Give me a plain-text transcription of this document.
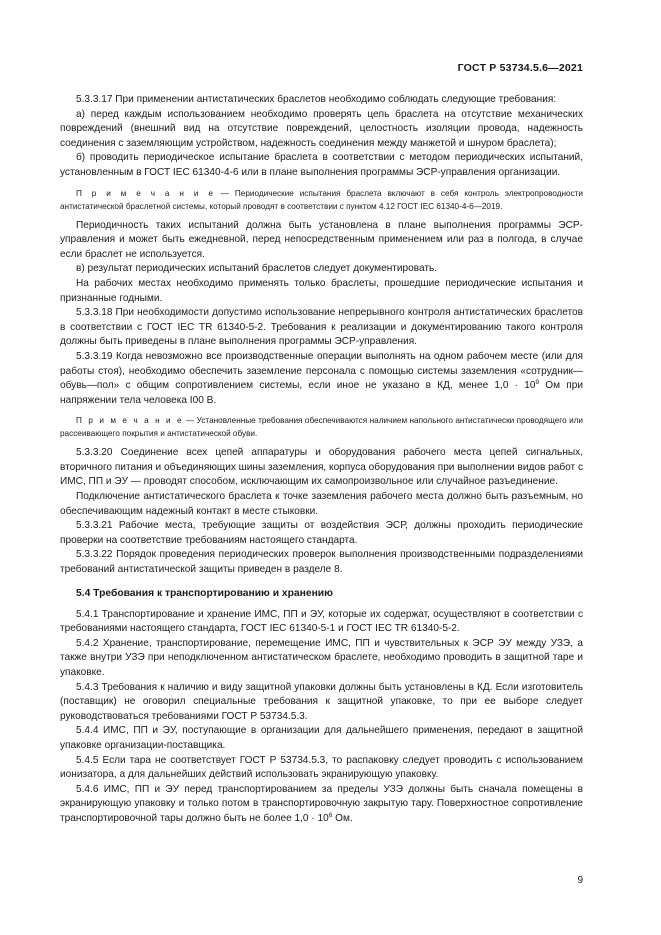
ГОСТ Р 53734.5.6—2021

5.3.3.17 При применении антистатических браслетов необходимо соблюдать следующие требования:

а) перед каждым использованием необходимо проверять цепь браслета на отсутствие механических повреждений (внешний вид на отсутствие повреждений, целостность изоляции провода, надежность соединения с заземляющим устройством, надежность соединения между манжетой и шнуром браслета);

б) проводить периодическое испытание браслета в соответствии с методом периодических испытаний, установленным в ГОСТ IEC 61340-4-6 или в плане выполнения программы ЭСР-управления организации.

П р и м е ч а н и е — Периодические испытания браслета включают в себя контроль электропроводности антистатической браслетной системы, который проводят в соответствии с пунктом 4.12 ГОСТ IEC 61340-4-6—2019.

Периодичность таких испытаний должна быть установлена в плане выполнения программы ЭСР-управления и может быть ежедневной, перед непосредственным применением или раз в полгода, в случае если браслет не используется.

в) результат периодических испытаний браслетов следует документировать.

На рабочих местах необходимо применять только браслеты, прошедшие периодические испытания и признанные годными.

5.3.3.18 При необходимости допустимо использование непрерывного контроля антистатических браслетов в соответствии с ГОСТ IEC TR 61340-5-2. Требования к реализации и документированию такого контроля должны быть приведены в плане выполнения программы ЭСР-управления.

5.3.3.19 Когда невозможно все производственные операции выполнять на одном рабочем месте (или для работы стоя), необходимо обеспечить заземление персонала с помощью системы заземления «сотрудник—обувь—пол» с общим сопротивлением системы, если иное не указано в КД, менее $1,0 \cdot 10^9$ Ом при напряжении тела человека I00 В.

П р и м е ч а н и е — Установленные требования обеспечиваются наличием напольного антистатически проводящего или рассеивающего покрытия и антистатической обуви.

5.3.3.20 Соединение всех цепей аппаратуры и оборудования рабочего места цепей сигнальных, вторичного питания и объединяющих шины заземления, корпуса оборудования при выполнении видов работ с ИМС, ПП и ЭУ — проводят способом, исключающим их самопроизвольное или случайное разъединение.

Подключение антистатического браслета к точке заземления рабочего места должно быть разъемным, но обеспечивающим надежный контакт в месте стыковки.

5.3.3.21 Рабочие места, требующие защиты от воздействия ЭСР, должны проходить периодические проверки на соответствие требованиям настоящего стандарта.

5.3.3.22 Порядок проведения периодических проверок выполнения производственными подразделениями требований антистатической защиты приведен в разделе 8.

5.4 Требования к транспортированию и хранению

5.4.1 Транспортирование и хранение ИМС, ПП и ЭУ, которые их содержат, осуществляют в соответствии с требованиями настоящего стандарта, ГОСТ IEC 61340-5-1 и ГОСТ IEC TR 61340-5-2.

5.4.2 Хранение, транспортирование, перемещение ИМС, ПП и чувствительных к ЭСР ЭУ между УЗЭ, а также внутри УЗЭ при неподключенном антистатическом браслете, необходимо проводить в защитной таре и упаковке.

5.4.3 Требования к наличию и виду защитной упаковки должны быть установлены в КД. Если изготовитель (поставщик) не оговорил специальные требования к защитной упаковке, то при ее выборе следует руководствоваться требованиями ГОСТ Р 53734.5.3.

5.4.4 ИМС, ПП и ЭУ, поступающие в организации для дальнейшего применения, передают в защитной упаковке организации-поставщика.

5.4.5 Если тара не соответствует ГОСТ Р 53734.5.3, то распаковку следует проводить с использованием ионизатора, а для дальнейших действий использовать экранирующую упаковку.

5.4.6 ИМС, ПП и ЭУ перед транспортированием за пределы УЗЭ должны быть сначала помещены в экранирующую упаковку и только потом в транспортировочную закрытую тару. Поверхностное сопротивление транспортировочной тары должно быть не более $1,0 \cdot 10^6$ Ом.

9
